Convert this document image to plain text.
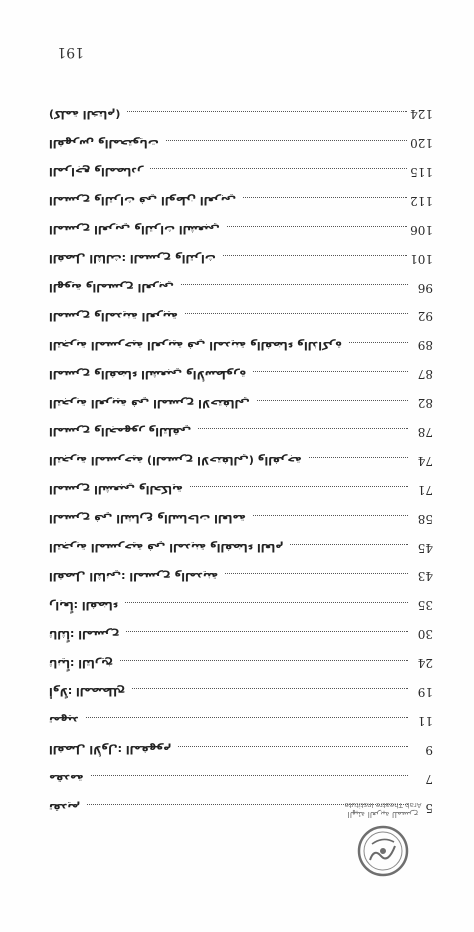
الهيئة العربية للمسرح
Arab Theatre Institute
تقديم	5
مقدمة	7
الفصل الأول: المفهوم	9
تمهيد	11
أولاً: المصطلح	19
ثانياً: التاريخ	24
ثالثاً: المسرح	30
رابعاً: الفضاء	35
الفصل الثاني: المسرح والمدينة	43
التجربة المسرحية في المدينة والفضاء العام	45
المسرح في الشارع والساحات العامة	58
المسرح الشعبي والحكاية	71
التجربة المسرحية (المسرح الاحتفالي) والفرجة	74
المسرح والجمهور والتلقي	78
التجربة العربية في المسرح الاحتفالي	82
المسرح والفضاء الشعبي والأسطورة	87
التجربة المسرحية العربية في المدينة والفضاء والذاكرة	89
المسرح والمدينة العربية	92
الهوية والمسرح العربي	96
الفصل الثالث: المسرح والتراث	101
المسرح العربي والتراث الشعبي	106
المسرح والتراث في الوطن العربي	112
المراجع والمصادر	115
الفهرس والمحتويات	120
(كلمة الختام)	124
191
